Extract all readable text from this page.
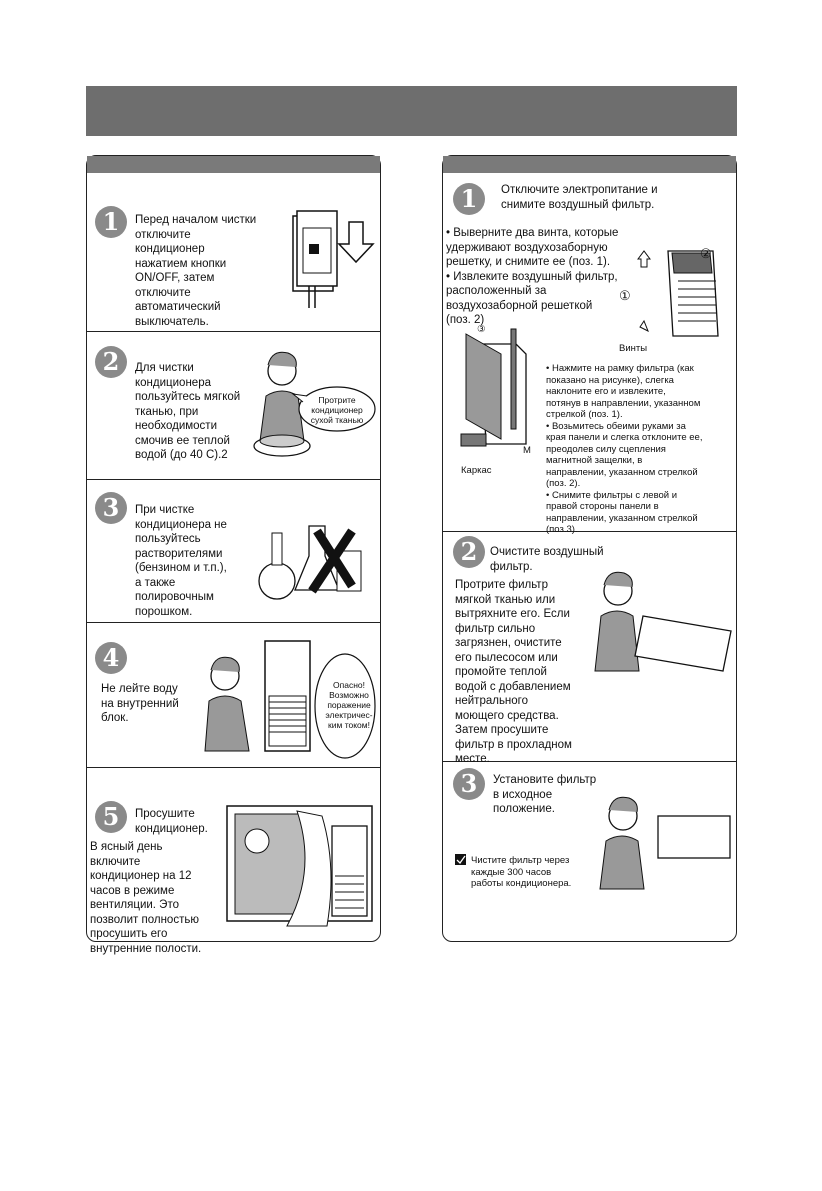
1	Перед началом чистки
отключите
кондиционер
нажатием кнопки
ON/OFF, затем
отключите
автоматический
выключатель.
2	Для чистки
кондиционера
пользуйтесь мягкой
тканью, при
необходимости
смочив ее теплой
водой (до 40 С).2
Протрите
кондиционер
сухой тканью
3	При чистке
кондиционера не
пользуйтесь
растворителями
(бензином и т.п.),
а также
полировочным
порошком.
4
Не лейте воду
на внутренний
блок.
Опасно!
Возможно
поражение
электричес-
ким током!
5	Просушите
кондиционер.
В ясный день
включите
кондиционер на 12
часов в режиме
вентиляции. Это
позволит полностью
просушить его
внутренние полости.
1	Отключите электропитание и
снимите воздушный фильтр.
• Выверните два винта, которые
удерживают воздухозаборную
решетку, и снимите ее (поз. 1).
• Извлеките воздушный фильтр,
расположенный за
воздухозаборной решеткой
(поз. 2)
②
①
Винты
Каркас
M
③
• Нажмите на рамку фильтра (как
показано на рисунке), слегка
наклоните его и извлеките,
потянув в направлении, указанном
стрелкой (поз. 1).
• Возьмитесь обеими руками за
края панели и слегка отклоните ее,
преодолев силу сцепления
магнитной защелки, в
направлении, указанном стрелкой
(поз. 2).
• Снимите фильтры с левой и
правой стороны панели в
направлении, указанном стрелкой
(поз.3).
2	Очистите воздушный
фильтр.
Протрите фильтр
мягкой тканью или
вытряхните его. Если
фильтр сильно
загрязнен, очистите
его пылесосом или
промойте теплой
водой с добавлением
нейтрального
моющего средства.
Затем просушите
фильтр в прохладном
месте.
3	Установите фильтр
в исходное
положение.
Чистите фильтр через
каждые 300 часов
работы кондиционера.
